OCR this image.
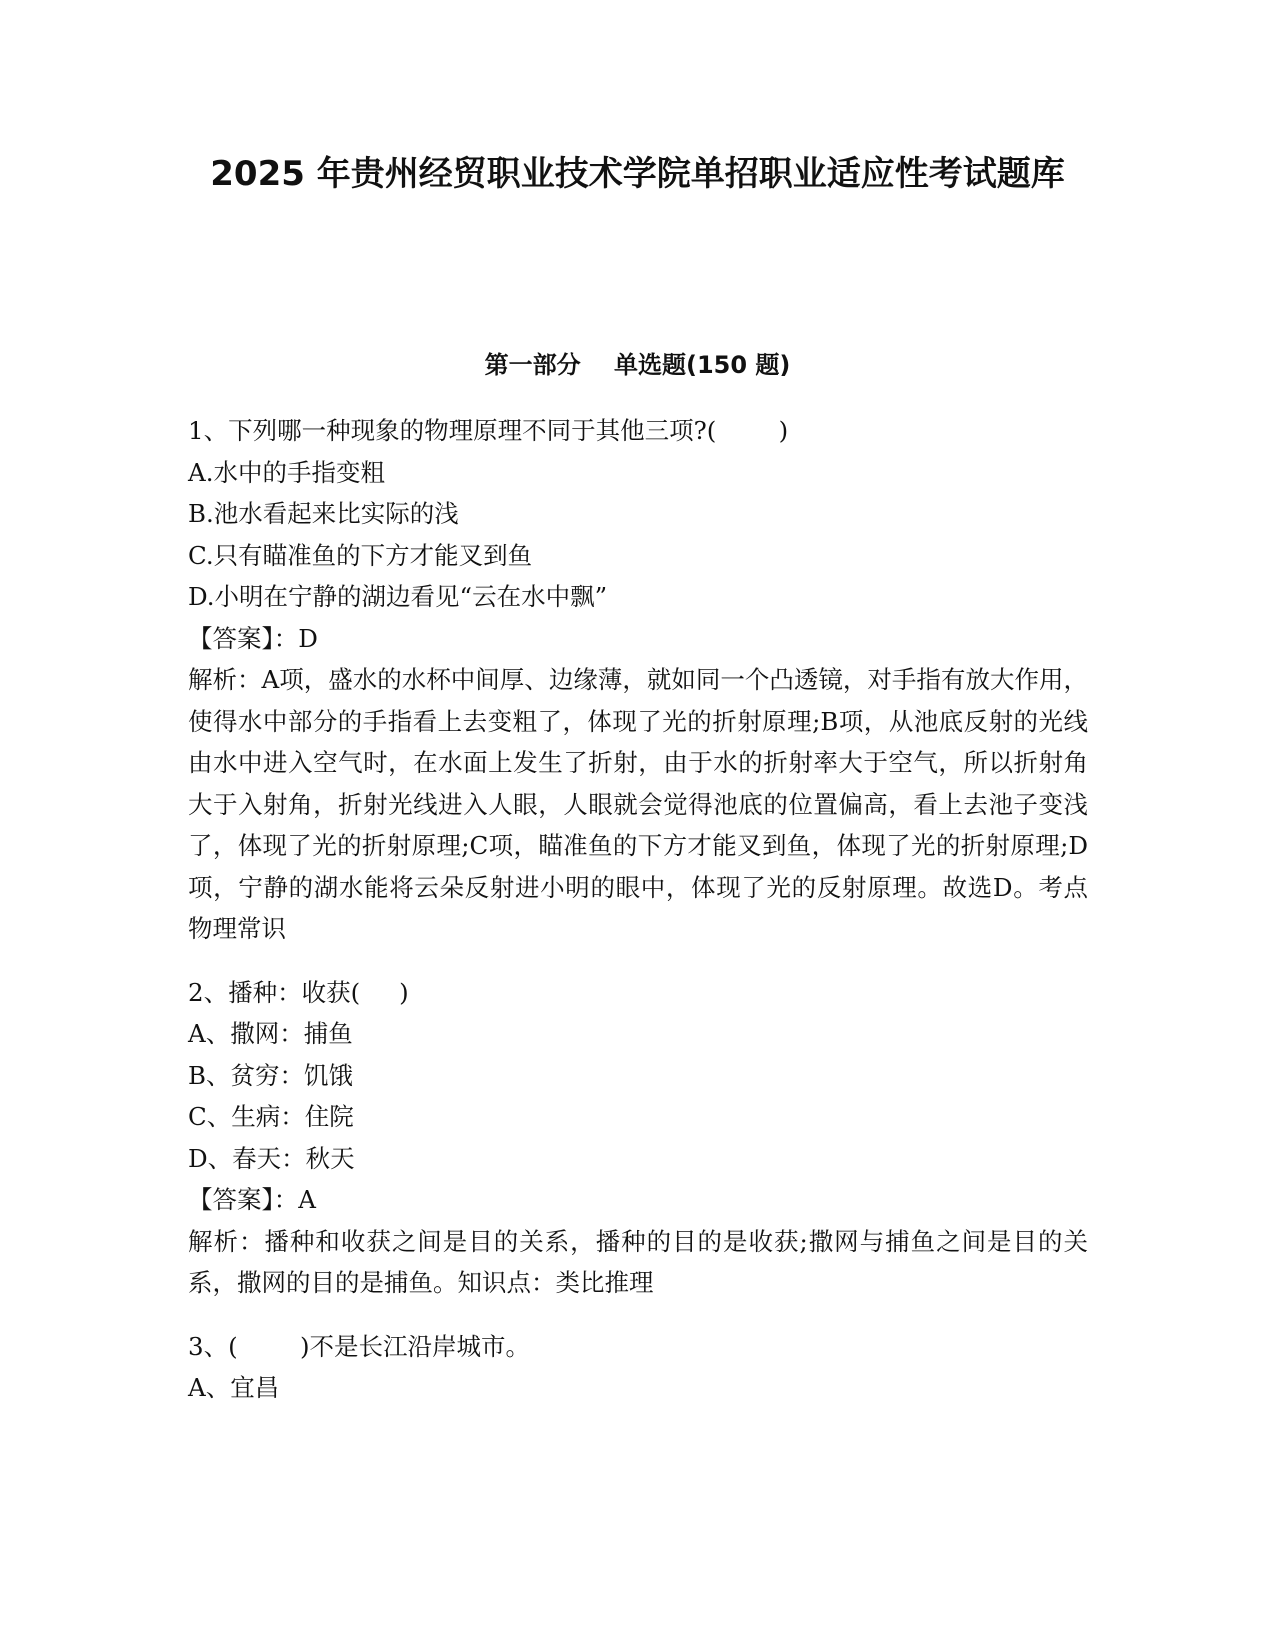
2025 年贵州经贸职业技术学院单招职业适应性考试题库
第一部分    单选题(150 题)
1、下列哪一种现象的物理原理不同于其他三项?(        )
A.水中的手指变粗
B.池水看起来比实际的浅
C.只有瞄准鱼的下方才能叉到鱼
D.小明在宁静的湖边看见“云在水中飘”
【答案】：D
解析：A项，盛水的水杯中间厚、边缘薄，就如同一个凸透镜，对手指有放大作用，使得水中部分的手指看上去变粗了，体现了光的折射原理;B项，从池底反射的光线由水中进入空气时，在水面上发生了折射，由于水的折射率大于空气，所以折射角大于入射角，折射光线进入人眼，人眼就会觉得池底的位置偏高，看上去池子变浅了，体现了光的折射原理;C项，瞄准鱼的下方才能叉到鱼，体现了光的折射原理;D项，宁静的湖水能将云朵反射进小明的眼中，体现了光的反射原理。故选D。考点物理常识
2、播种：收获(     )
A、撒网：捕鱼
B、贫穷：饥饿
C、生病：住院
D、春天：秋天
【答案】：A
解析：播种和收获之间是目的关系，播种的目的是收获;撒网与捕鱼之间是目的关系，撒网的目的是捕鱼。知识点：类比推理
3、(        )不是长江沿岸城市。
A、宜昌
